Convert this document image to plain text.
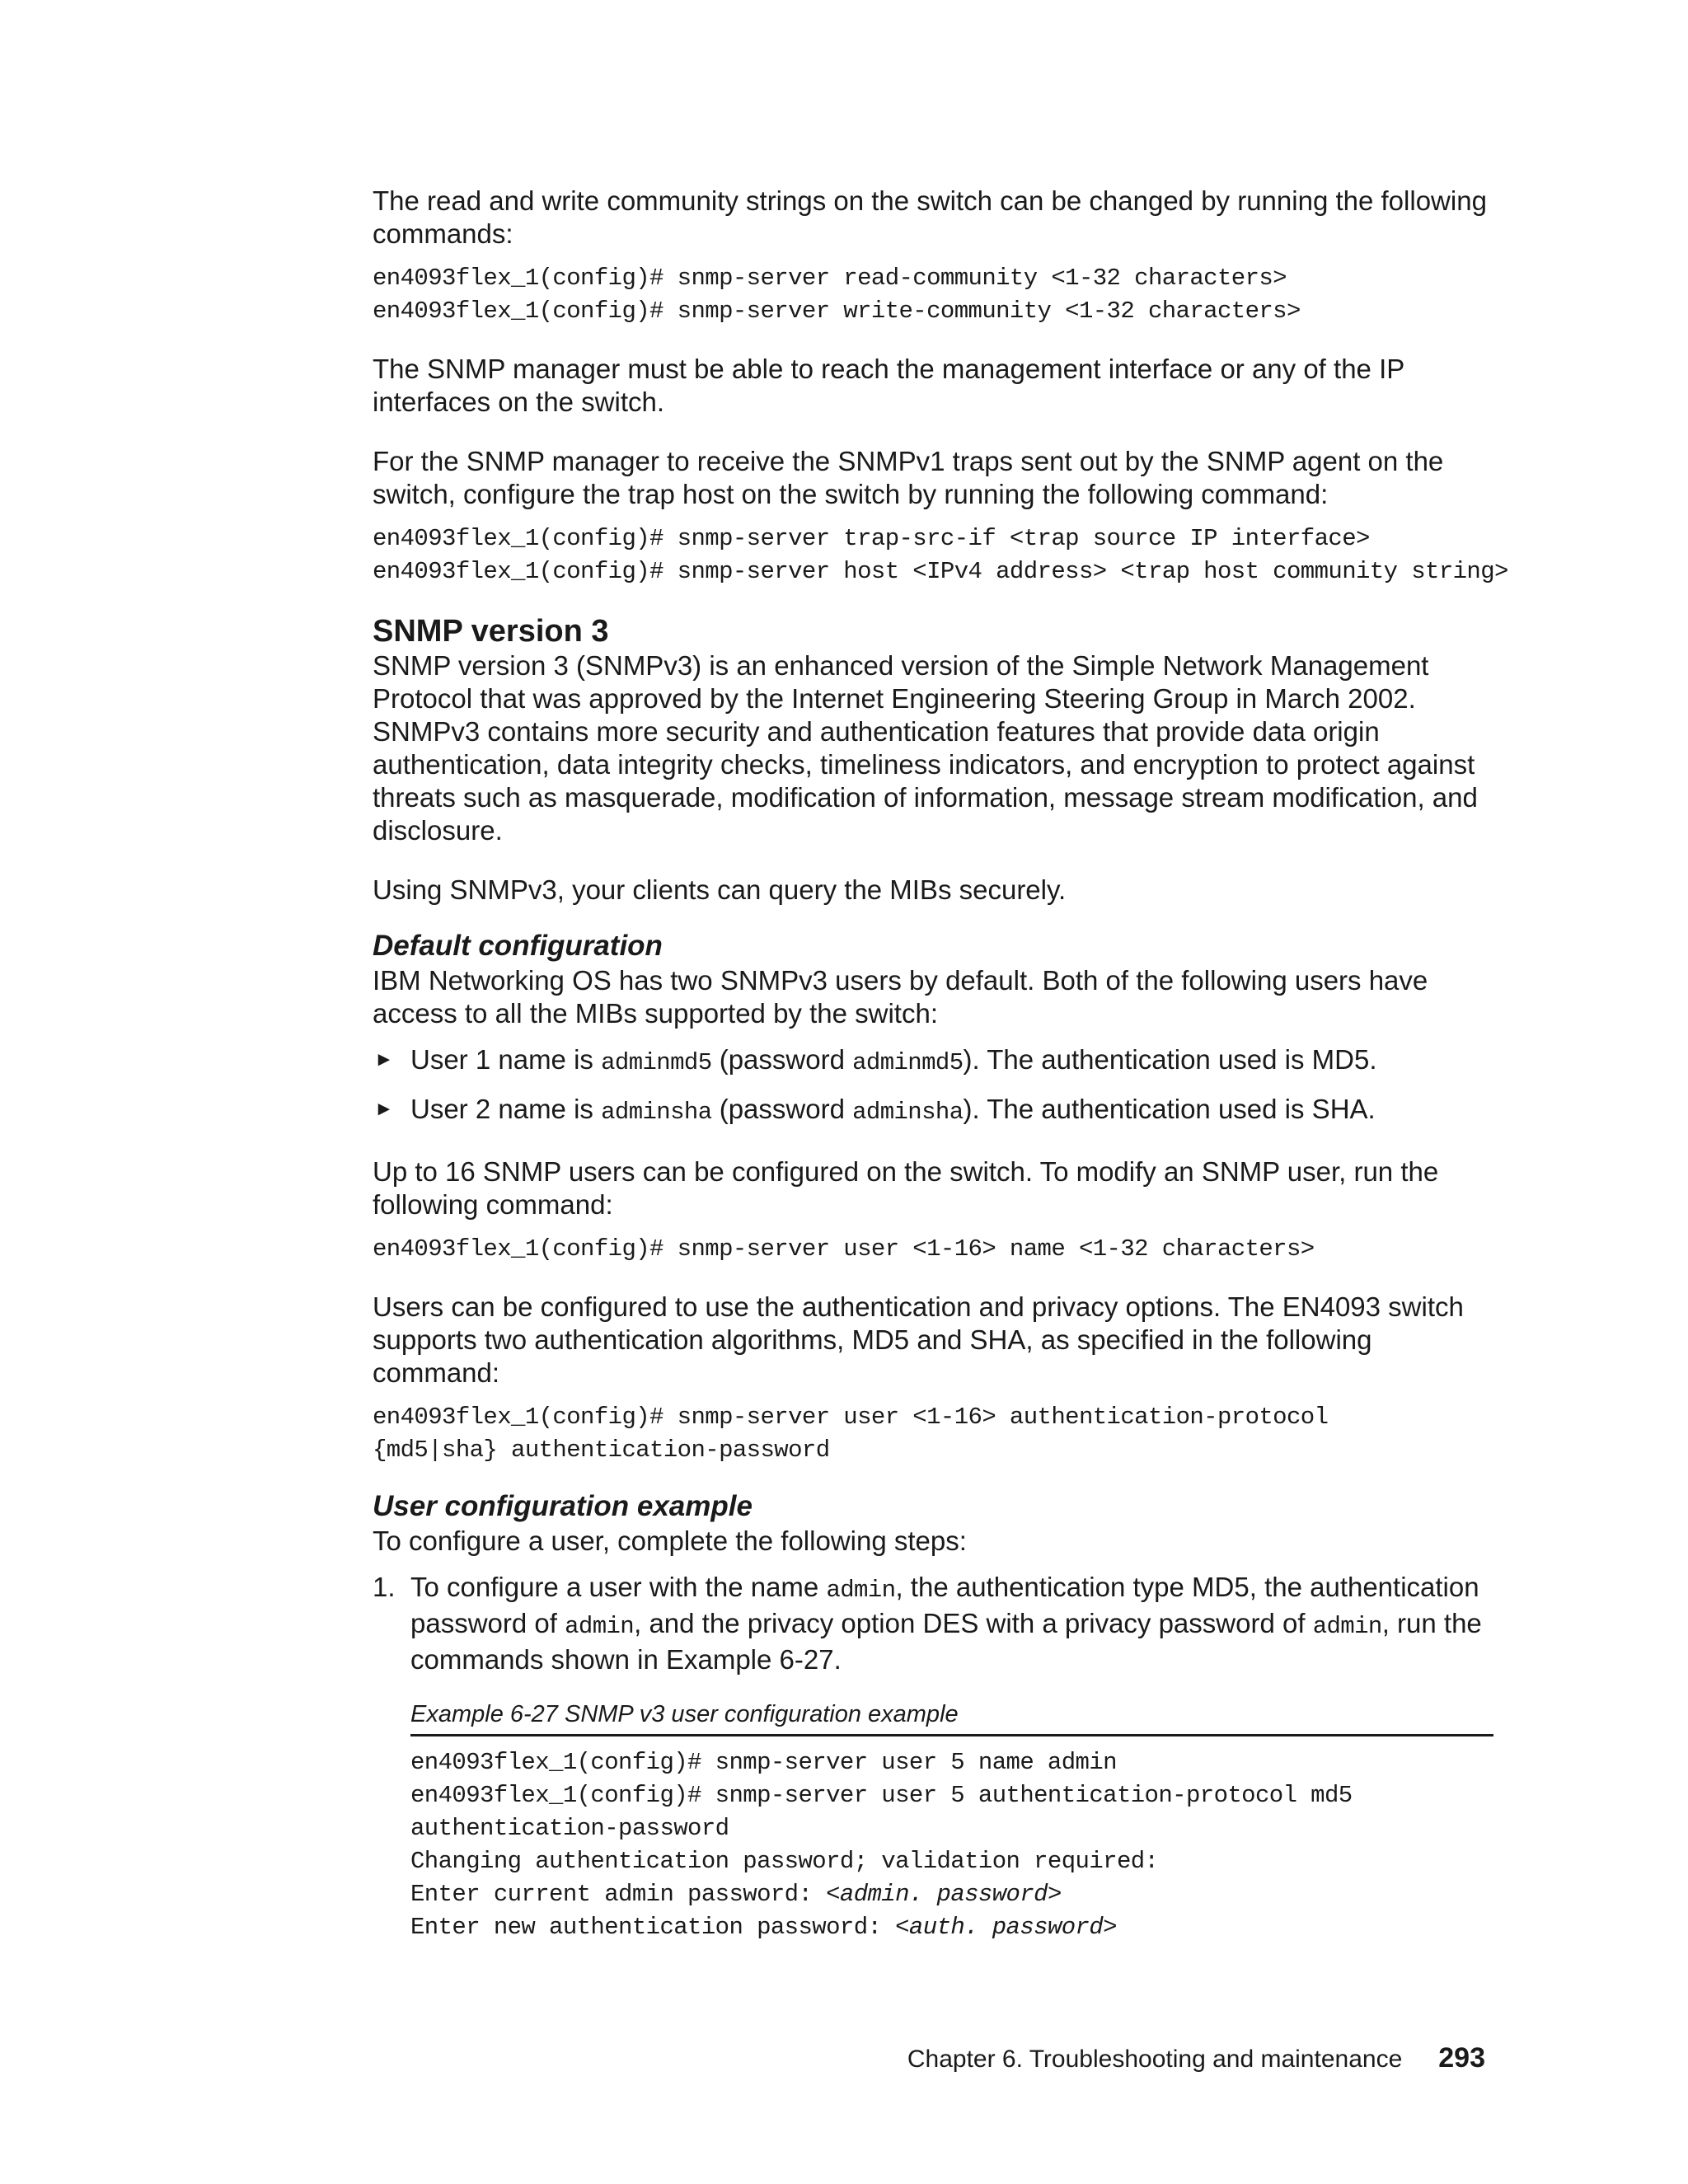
The read and write community strings on the switch can be changed by running the following commands:

en4093flex_1(config)# snmp-server read-community <1-32 characters>
en4093flex_1(config)# snmp-server write-community <1-32 characters>

The SNMP manager must be able to reach the management interface or any of the IP interfaces on the switch.

For the SNMP manager to receive the SNMPv1 traps sent out by the SNMP agent on the switch, configure the trap host on the switch by running the following command:

en4093flex_1(config)# snmp-server trap-src-if <trap source IP interface>
en4093flex_1(config)# snmp-server host <IPv4 address> <trap host community string>
SNMP version 3

SNMP version 3 (SNMPv3) is an enhanced version of the Simple Network Management Protocol that was approved by the Internet Engineering Steering Group in March 2002. SNMPv3 contains more security and authentication features that provide data origin authentication, data integrity checks, timeliness indicators, and encryption to protect against threats such as masquerade, modification of information, message stream modification, and disclosure.

Using SNMPv3, your clients can query the MIBs securely.

Default configuration

IBM Networking OS has two SNMPv3 users by default. Both of the following users have access to all the MIBs supported by the switch:

► User 1 name is adminmd5 (password adminmd5). The authentication used is MD5.

► User 2 name is adminsha (password adminsha). The authentication used is SHA.

Up to 16 SNMP users can be configured on the switch. To modify an SNMP user, run the following command:

en4093flex_1(config)# snmp-server user <1-16> name <1-32 characters>

Users can be configured to use the authentication and privacy options. The EN4093 switch supports two authentication algorithms, MD5 and SHA, as specified in the following command:

en4093flex_1(config)# snmp-server user <1-16> authentication-protocol
{md5|sha} authentication-password
User configuration example

To configure a user, complete the following steps:

1. To configure a user with the name admin, the authentication type MD5, the authentication password of admin, and the privacy option DES with a privacy password of admin, run the commands shown in Example 6-27.

Example 6-27 SNMP v3 user configuration example
en4093flex_1(config)# snmp-server user 5 name admin
en4093flex_1(config)# snmp-server user 5 authentication-protocol md5
authentication-password
Changing authentication password; validation required:
Enter current admin password: <admin. password>
Enter new authentication password: <auth. password>
Chapter 6. Troubleshooting and maintenance 293
